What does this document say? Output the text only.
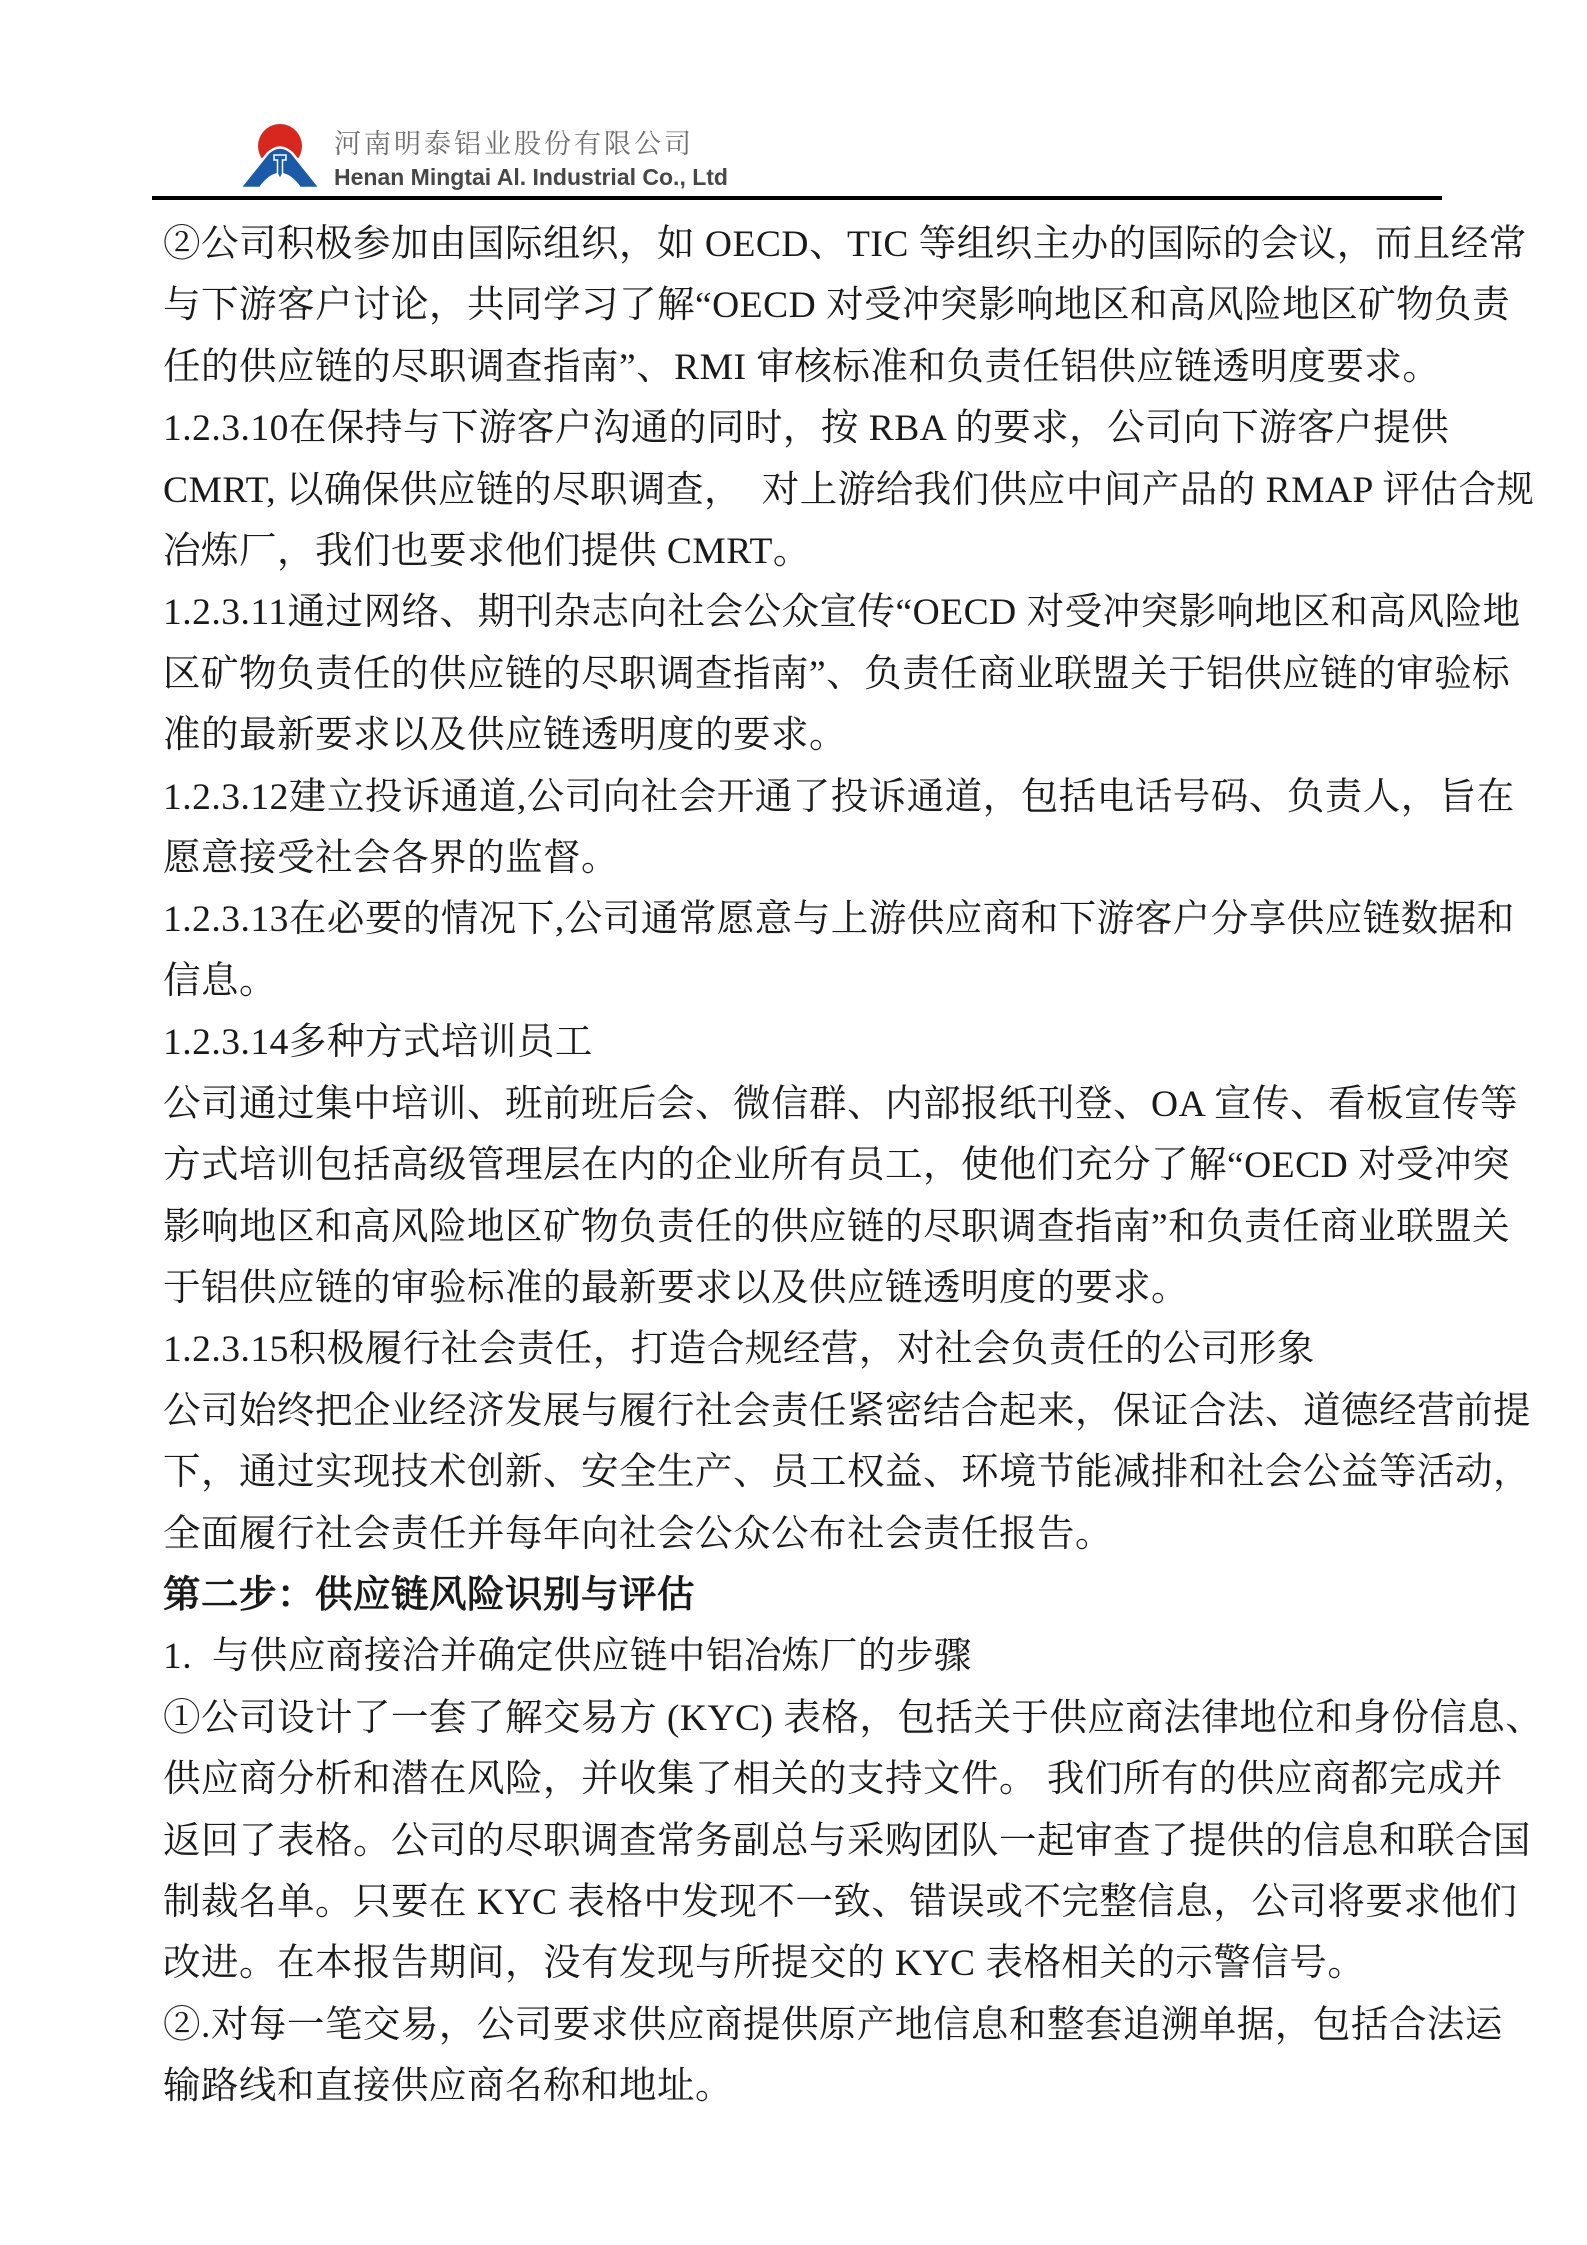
河南明泰铝业股份有限公司
Henan Mingtai Al. Industrial Co., Ltd
②公司积极参加由国际组织，如 OECD、TIC 等组织主办的国际的会议，而且经常
与下游客户讨论，共同学习了解“OECD 对受冲突影响地区和高风险地区矿物负责
任的供应链的尽职调查指南”、RMI 审核标准和负责任铝供应链透明度要求。
1.2.3.10在保持与下游客户沟通的同时，按 RBA 的要求，公司向下游客户提供
CMRT, 以确保供应链的尽职调查，  对上游给我们供应中间产品的 RMAP 评估合规
冶炼厂，我们也要求他们提供 CMRT。
1.2.3.11通过网络、期刊杂志向社会公众宣传“OECD 对受冲突影响地区和高风险地
区矿物负责任的供应链的尽职调查指南”、负责任商业联盟关于铝供应链的审验标
准的最新要求以及供应链透明度的要求。
1.2.3.12建立投诉通道,公司向社会开通了投诉通道，包括电话号码、负责人，旨在
愿意接受社会各界的监督。
1.2.3.13在必要的情况下,公司通常愿意与上游供应商和下游客户分享供应链数据和
信息。
1.2.3.14多种方式培训员工
公司通过集中培训、班前班后会、微信群、内部报纸刊登、OA 宣传、看板宣传等
方式培训包括高级管理层在内的企业所有员工，使他们充分了解“OECD 对受冲突
影响地区和高风险地区矿物负责任的供应链的尽职调查指南”和负责任商业联盟关
于铝供应链的审验标准的最新要求以及供应链透明度的要求。
1.2.3.15积极履行社会责任，打造合规经营，对社会负责任的公司形象
公司始终把企业经济发展与履行社会责任紧密结合起来，保证合法、道德经营前提
下，通过实现技术创新、安全生产、员工权益、环境节能减排和社会公益等活动，
全面履行社会责任并每年向社会公众公布社会责任报告。
第二步：供应链风险识别与评估
1.  与供应商接洽并确定供应链中铝冶炼厂的步骤
①公司设计了一套了解交易方 (KYC) 表格，包括关于供应商法律地位和身份信息、
供应商分析和潜在风险，并收集了相关的支持文件。 我们所有的供应商都完成并
返回了表格。公司的尽职调查常务副总与采购团队一起审查了提供的信息和联合国
制裁名单。只要在 KYC 表格中发现不一致、错误或不完整信息，公司将要求他们
改进。在本报告期间，没有发现与所提交的 KYC 表格相关的示警信号。
②.对每一笔交易，公司要求供应商提供原产地信息和整套追溯单据，包括合法运
输路线和直接供应商名称和地址。
